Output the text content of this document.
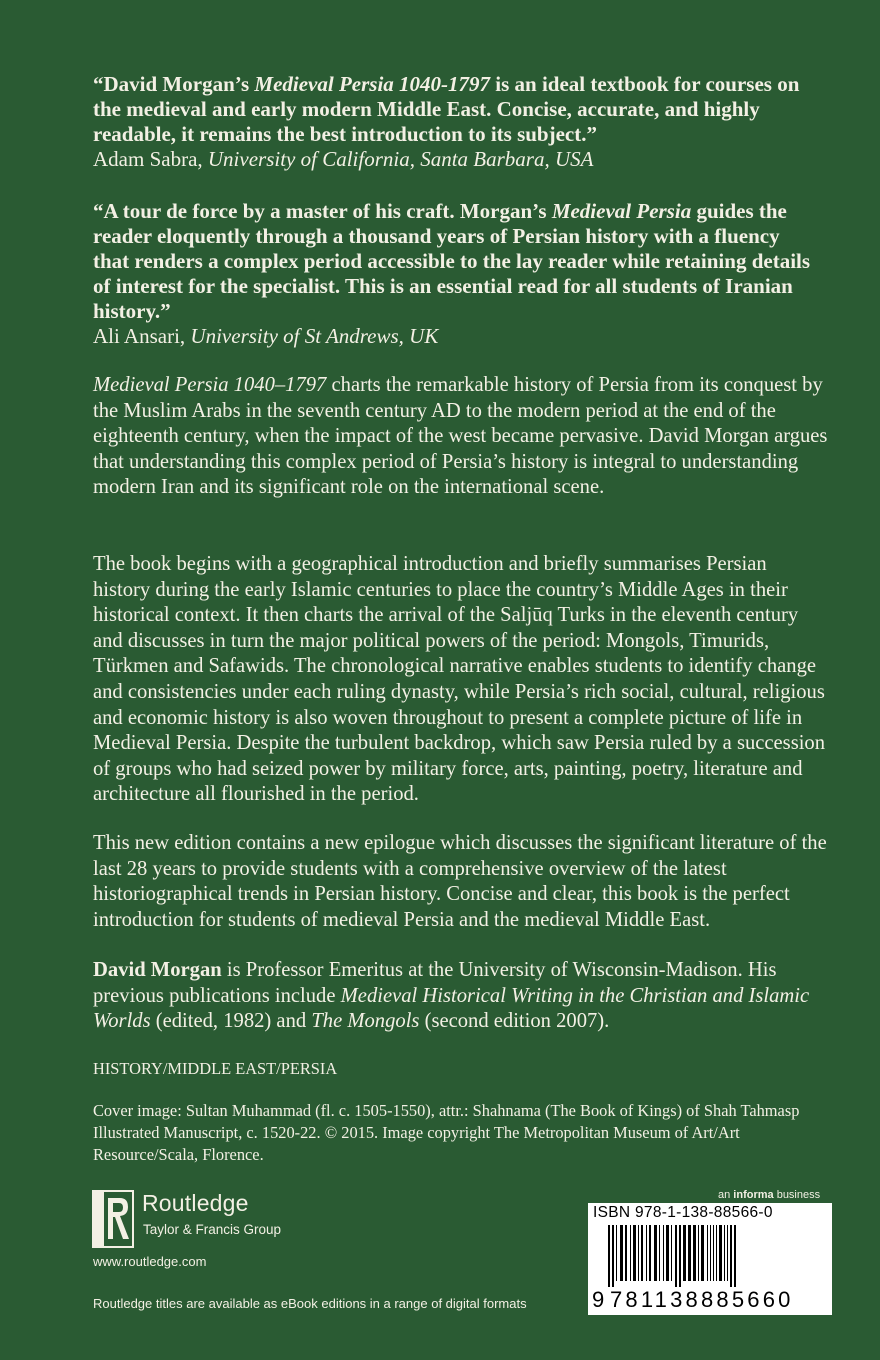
“David Morgan’s Medieval Persia 1040-1797 is an ideal textbook for courses on the medieval and early modern Middle East. Concise, accurate, and highly readable, it remains the best introduction to its subject.”
Adam Sabra, University of California, Santa Barbara, USA
“A tour de force by a master of his craft. Morgan’s Medieval Persia guides the reader eloquently through a thousand years of Persian history with a fluency that renders a complex period accessible to the lay reader while retaining details of interest for the specialist. This is an essential read for all students of Iranian history.”
Ali Ansari, University of St Andrews, UK
Medieval Persia 1040–1797 charts the remarkable history of Persia from its conquest by the Muslim Arabs in the seventh century AD to the modern period at the end of the eighteenth century, when the impact of the west became pervasive. David Morgan argues that understanding this complex period of Persia’s history is integral to understanding modern Iran and its significant role on the international scene.
The book begins with a geographical introduction and briefly summarises Persian history during the early Islamic centuries to place the country’s Middle Ages in their historical context. It then charts the arrival of the Saljūq Turks in the eleventh century and discusses in turn the major political powers of the period: Mongols, Timurids, Türkmen and Safawids. The chronological narrative enables students to identify change and consistencies under each ruling dynasty, while Persia’s rich social, cultural, religious and economic history is also woven throughout to present a complete picture of life in Medieval Persia. Despite the turbulent backdrop, which saw Persia ruled by a succession of groups who had seized power by military force, arts, painting, poetry, literature and architecture all flourished in the period.
This new edition contains a new epilogue which discusses the significant literature of the last 28 years to provide students with a comprehensive overview of the latest historiographical trends in Persian history. Concise and clear, this book is the perfect introduction for students of medieval Persia and the medieval Middle East.
David Morgan is Professor Emeritus at the University of Wisconsin-Madison. His previous publications include Medieval Historical Writing in the Christian and Islamic Worlds (edited, 1982) and The Mongols (second edition 2007).
HISTORY/MIDDLE EAST/PERSIA
Cover image: Sultan Muhammad (fl. c. 1505-1550), attr.: Shahnama (The Book of Kings) of Shah Tahmasp Illustrated Manuscript, c. 1520-22. © 2015. Image copyright The Metropolitan Museum of Art/Art Resource/Scala, Florence.
Routledge
Taylor & Francis Group
www.routledge.com
Routledge titles are available as eBook editions in a range of digital formats
an informa business
ISBN 978-1-138-88566-0
9 781138885660
